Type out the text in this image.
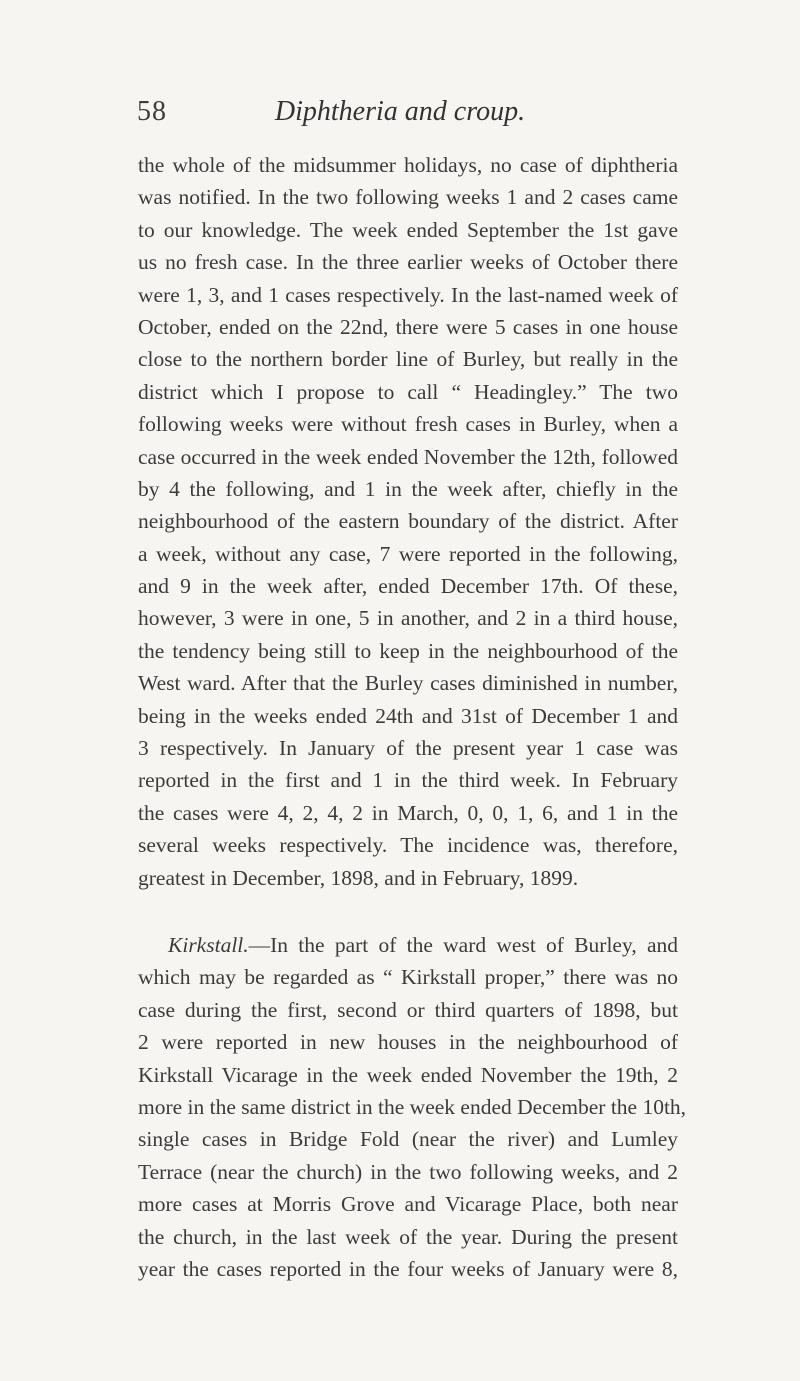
58	Diphtheria and croup.
the whole of the midsummer holidays, no case of diphtheria
was notified. In the two following weeks 1 and 2 cases came
to our knowledge. The week ended September the 1st gave
us no fresh case. In the three earlier weeks of October there
were 1, 3, and 1 cases respectively. In the last-named week of
October, ended on the 22nd, there were 5 cases in one house
close to the northern border line of Burley, but really in the
district which I propose to call “ Headingley.” The two
following weeks were without fresh cases in Burley, when a
case occurred in the week ended November the 12th, followed
by 4 the following, and 1 in the week after, chiefly in the
neighbourhood of the eastern boundary of the district. After
a week, without any case, 7 were reported in the following,
and 9 in the week after, ended December 17th. Of these,
however, 3 were in one, 5 in another, and 2 in a third house,
the tendency being still to keep in the neighbourhood of the
West ward. After that the Burley cases diminished in number,
being in the weeks ended 24th and 31st of December 1 and
3 respectively. In January of the present year 1 case was
reported in the first and 1 in the third week. In February
the cases were 4, 2, 4, 2 in March, 0, 0, 1, 6, and 1 in the
several weeks respectively. The incidence was, therefore,
greatest in December, 1898, and in February, 1899.
Kirkstall.—In the part of the ward west of Burley, and
which may be regarded as “ Kirkstall proper,” there was no
case during the first, second or third quarters of 1898, but
2 were reported in new houses in the neighbourhood of
Kirkstall Vicarage in the week ended November the 19th, 2
more in the same district in the week ended December the 10th,
single cases in Bridge Fold (near the river) and Lumley
Terrace (near the church) in the two following weeks, and 2
more cases at Morris Grove and Vicarage Place, both near
the church, in the last week of the year. During the present
year the cases reported in the four weeks of January were 8,
